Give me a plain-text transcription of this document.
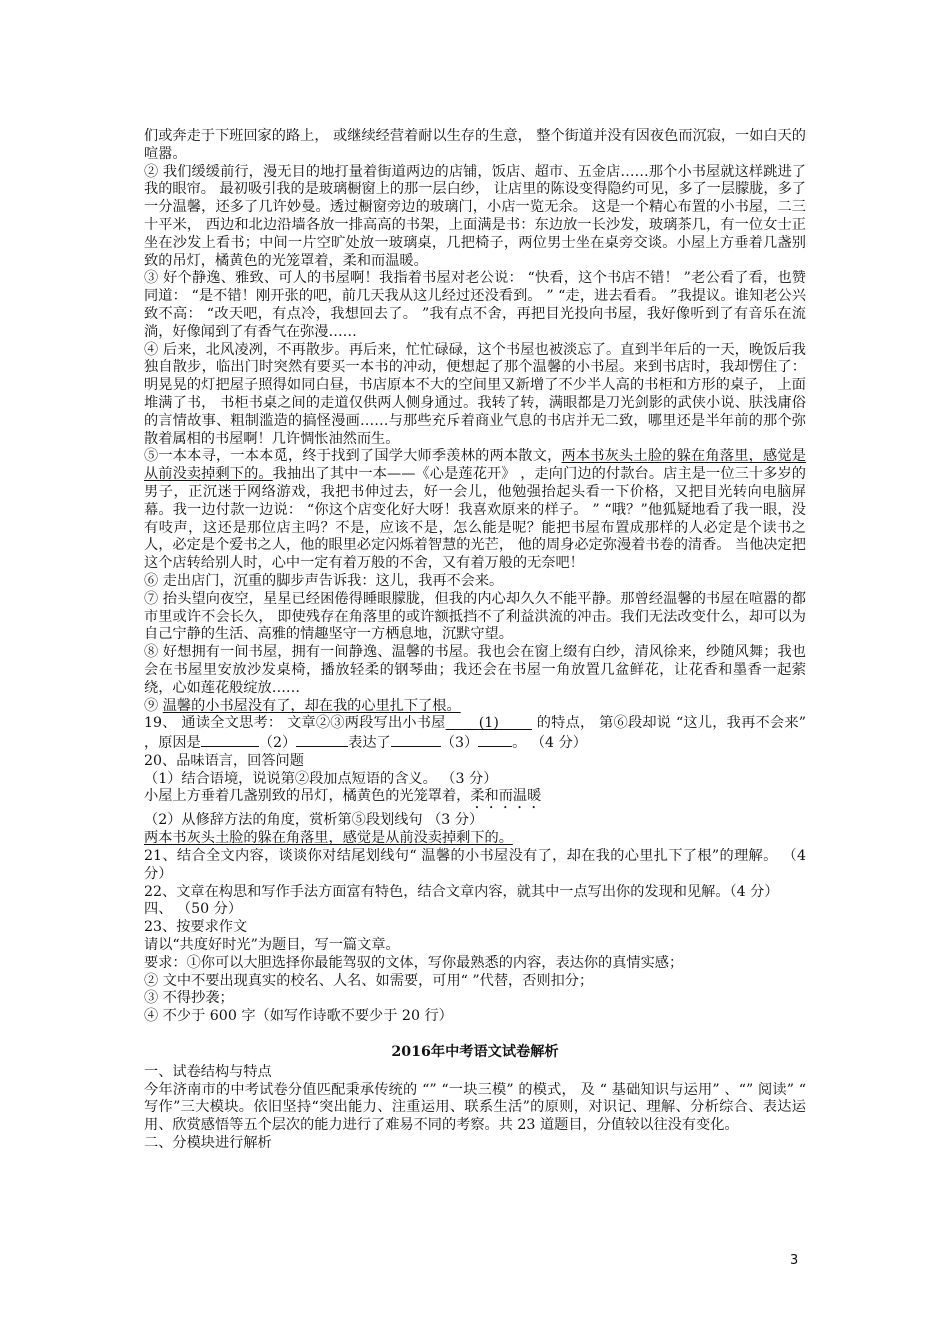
们或奔走于下班回家的路上， 或继续经营着耐以生存的生意， 整个街道并没有因夜色而沉寂，一如白天的喧嚣。

② 我们缓缓前行，漫无目的地打量着街道两边的店铺，饭店、超市、五金店……那个小书屋就这样跳进了我的眼帘。 最初吸引我的是玻璃橱窗上的那一层白纱， 让店里的陈设变得隐约可见，多了一层朦胧，多了一分温馨，还多了几许妙曼。透过橱窗旁边的玻璃门，小店一览无余。 这是一个精心布置的小书屋，二三十平米， 西边和北边沿墙各放一排高高的书架，上面满是书：东边放一长沙发，玻璃茶几，有一位女士正坐在沙发上看书；中间一片空旷处放一玻璃桌，几把椅子，两位男士坐在桌旁交谈。小屋上方垂着几盏别致的吊灯，橘黄色的光笼罩着，柔和而温暖。

③ 好个静逸、雅致、可人的书屋啊！我指着书屋对老公说： “快看，这个书店不错！ ”老公看了看，也赞同道： “是不错！刚开张的吧，前几天我从这儿经过还没看到。 ” “走，进去看看。 ”我提议。谁知老公兴致不高： “改天吧，有点冷，我想回去了。 ”我有点不舍，再把目光投向书屋，我好像听到了有音乐在流淌，好像闻到了有香气在弥漫……

④ 后来，北风凌冽，不再散步。再后来，忙忙碌碌，这个书屋也被淡忘了。直到半年后的一天，晚饭后我独自散步，临出门时突然有要买一本书的冲动，便想起了那个温馨的小书屋。来到书店时，我却愣住了：明晃晃的灯把屋子照得如同白昼，书店原本不大的空间里又新增了不少半人高的书柜和方形的桌子， 上面堆满了书， 书柜书桌之间的走道仅供两人侧身通过。我转了转，满眼都是刀光剑影的武侠小说、肤浅庸俗的言情故事、粗制滥造的搞怪漫画……与那些充斥着商业气息的书店并无二致，哪里还是半年前的那个弥散着属相的书屋啊！几许惆怅油然而生。

⑤一本本寻，一本本觅，终于找到了国学大师季羡林的两本散文，两本书灰头土脸的躲在角落里，感觉是从前没卖掉剩下的。我抽出了其中一本——《心是莲花开》 ，走向门边的付款台。店主是一位三十多岁的男子，正沉迷于网络游戏，我把书伸过去，好一会儿，他勉强抬起头看一下价格，又把目光转向电脑屏幕。我一边付款一边说： “你这个店变化好大呀！我喜欢原来的样子。 ” “哦？”他狐疑地看了我一眼，没有吱声，这还是那位店主吗？不是，应该不是，怎么能是呢？能把书屋布置成那样的人必定是个读书之人，必定是个爱书之人，他的眼里必定闪烁着智慧的光芒， 他的周身必定弥漫着书卷的清香。 当他决定把这个店转给别人时，心中一定有着万般的不舍，又有着万般的无奈吧！

⑥ 走出店门，沉重的脚步声告诉我：这儿，我再不会来。

⑦ 抬头望向夜空，星星已经困倦得睡眼朦胧，但我的内心却久久不能平静。那曾经温馨的书屋在喧嚣的都市里或许不会长久， 即使残存在角落里的或许额抵挡不了利益洪流的冲击。我们无法改变什么，却可以为自己宁静的生活、高雅的情趣坚守一方栖息地，沉默守望。

⑧ 好想拥有一间书屋，拥有一间静逸、温馨的书屋。我也会在窗上缀有白纱，清风徐来，纱随风舞；我也会在书屋里安放沙发桌椅，播放轻柔的钢琴曲；我还会在书屋一角放置几盆鲜花，让花香和墨香一起萦绕，心如莲花般绽放……

⑨ 温馨的小书屋没有了，却在我的心里扎下了根。

19、 通读全文思考： 文章②③两段写出小书屋 (1)        的特点， 第⑥段却说 “这儿，我再不会来” ，原因是	（2）	表达了	（3） 。 （4 分）

20、品味语言，回答问题

（1）结合语境，说说第②段加点短语的含义。 （3 分）

小屋上方垂着几盏别致的吊灯，橘黄色的光笼罩着，柔和而温暖

（2）从修辞方法的角度，赏析第⑤段划线句 （3 分）

两本书灰头土脸的躲在角落里，感觉是从前没卖掉剩下的。

21、结合全文内容，谈谈你对结尾划线句“ 温馨的小书屋没有了，却在我的心里扎下了根”的理解。 （4 分）

22、文章在构思和写作手法方面富有特色，结合文章内容，就其中一点写出你的发现和见解。（4 分）

四、 （50 分）

23、按要求作文

请以“共度好时光”为题目，写一篇文章。

要求：①你可以大胆选择你最能驾驭的文体，写你最熟悉的内容，表达你的真情实感；

② 文中不要出现真实的校名、人名、如需要，可用“ ”代替，否则扣分；

③ 不得抄袭；

④ 不少于 600 字（如写作诗歌不要少于 20 行）

2016年中考语文试卷解析

一、试卷结构与特点

今年济南市的中考试卷分值匹配秉承传统的 “” “一块三模” 的模式， 及 “ 基础知识与运用” 、“” 阅读” “ 写作”三大模块。依旧坚持“突出能力、注重运用、联系生活”的原则，对识记、理解、分析综合、表达运用、欣赏感悟等五个层次的能力进行了难易不同的考察。共 23 道题目，分值较以往没有变化。

二、分模块进行解析

3
